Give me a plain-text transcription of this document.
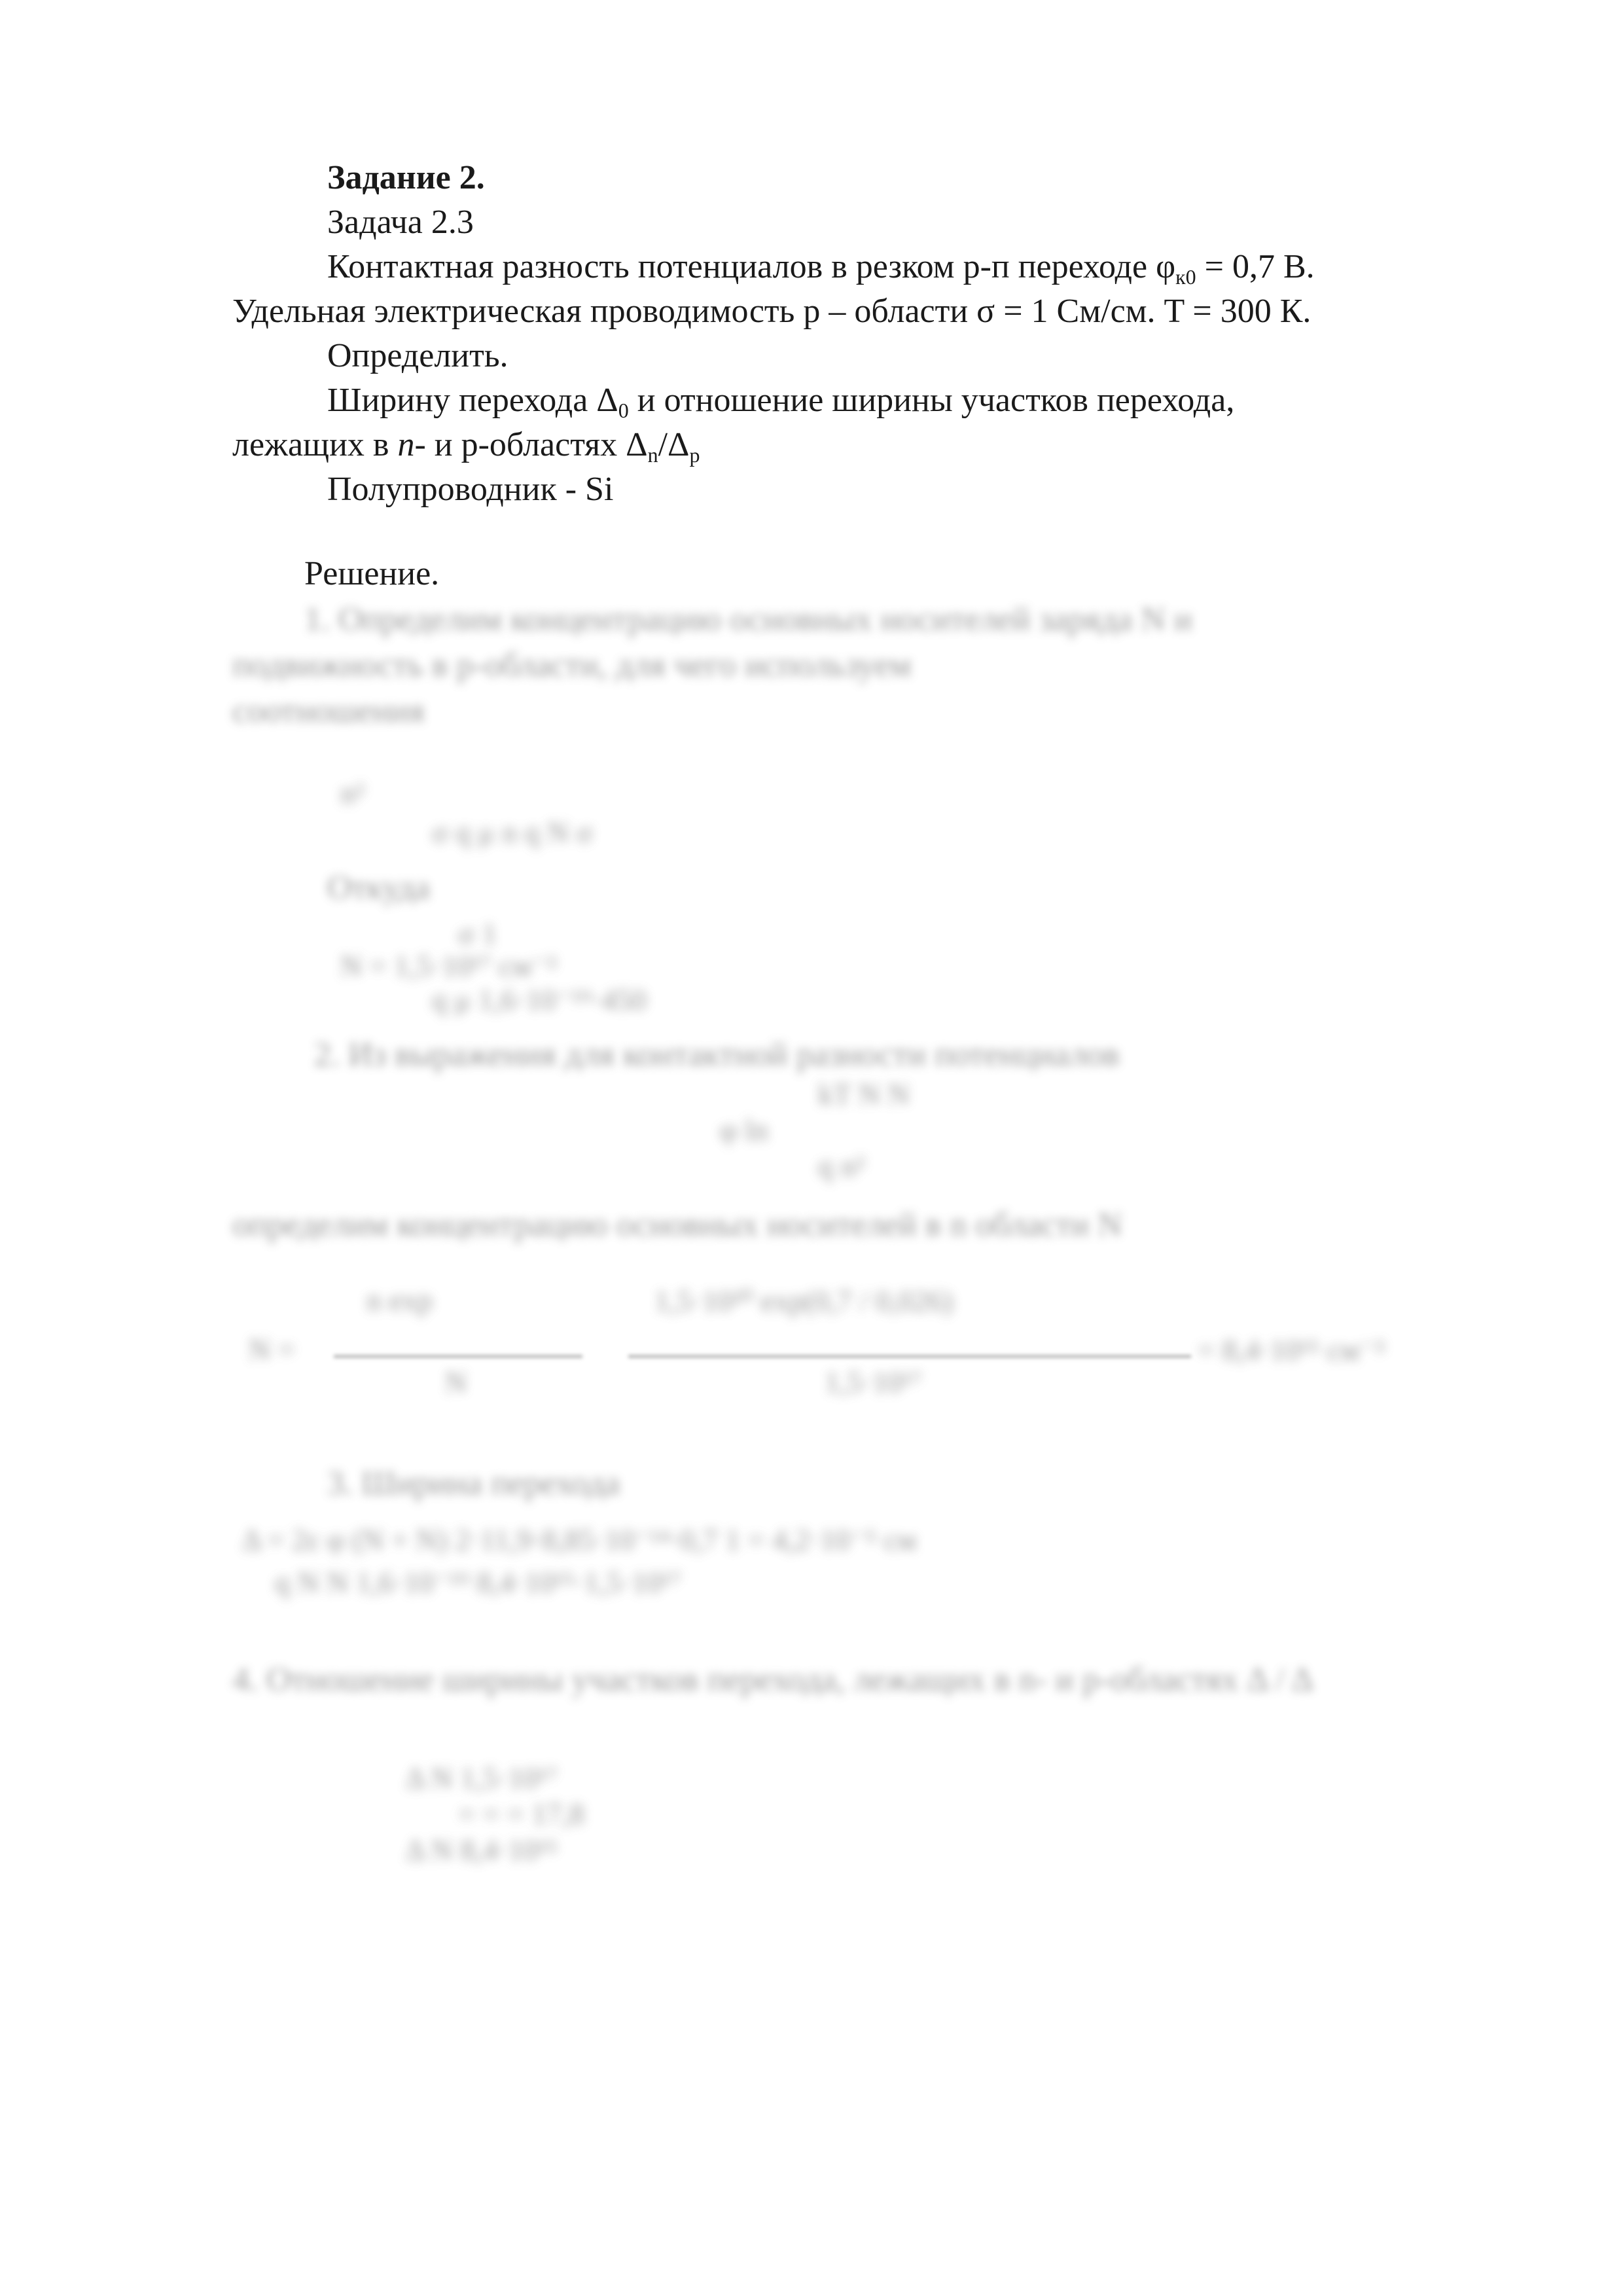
Задание 2.
Задача 2.3
Контактная разность потенциалов в резком p-п переходе φк0 = 0,7 В.
Удельная электрическая проводимость p – области σ = 1 См/см. T = 300 К.
Определить.
Ширину перехода Δ0 и отношение ширины участков перехода,
лежащих в n- и p-областях Δn/Δp
Полупроводник - Si
Решение.
1. Определим концентрацию основных носителей заряда N и
подвижность в p-области, для чего используем
соотношения
n²
σ q μ n q N σ
Откуда
σ 1
N = 1,5·10¹⁷ см⁻³
q μ 1,6·10⁻¹⁹·450
2. Из выражения для контактной разности потенциалов
kT N N
φ ln
q n²
определим концентрацию основных носителей в n области N
N =
n exp
N
1,5·10²⁰ exp(0,7 / 0,026)
1,5·10¹⁷
= 8,4·10¹⁵ см⁻³
3. Ширина перехода
Δ = 2ε φ (N + N) 2·11,9·8,85·10⁻¹⁴·0,7 1 = 4,2·10⁻⁵ см
q N N 1,6·10⁻¹⁹ 8,4·10¹⁵·1,5·10¹⁷
4. Отношение ширины участков перехода, лежащих в n- и p-областях Δ / Δ
Δ N 1,5·10¹⁷
= = = 17,8
Δ N 8,4·10¹⁵
